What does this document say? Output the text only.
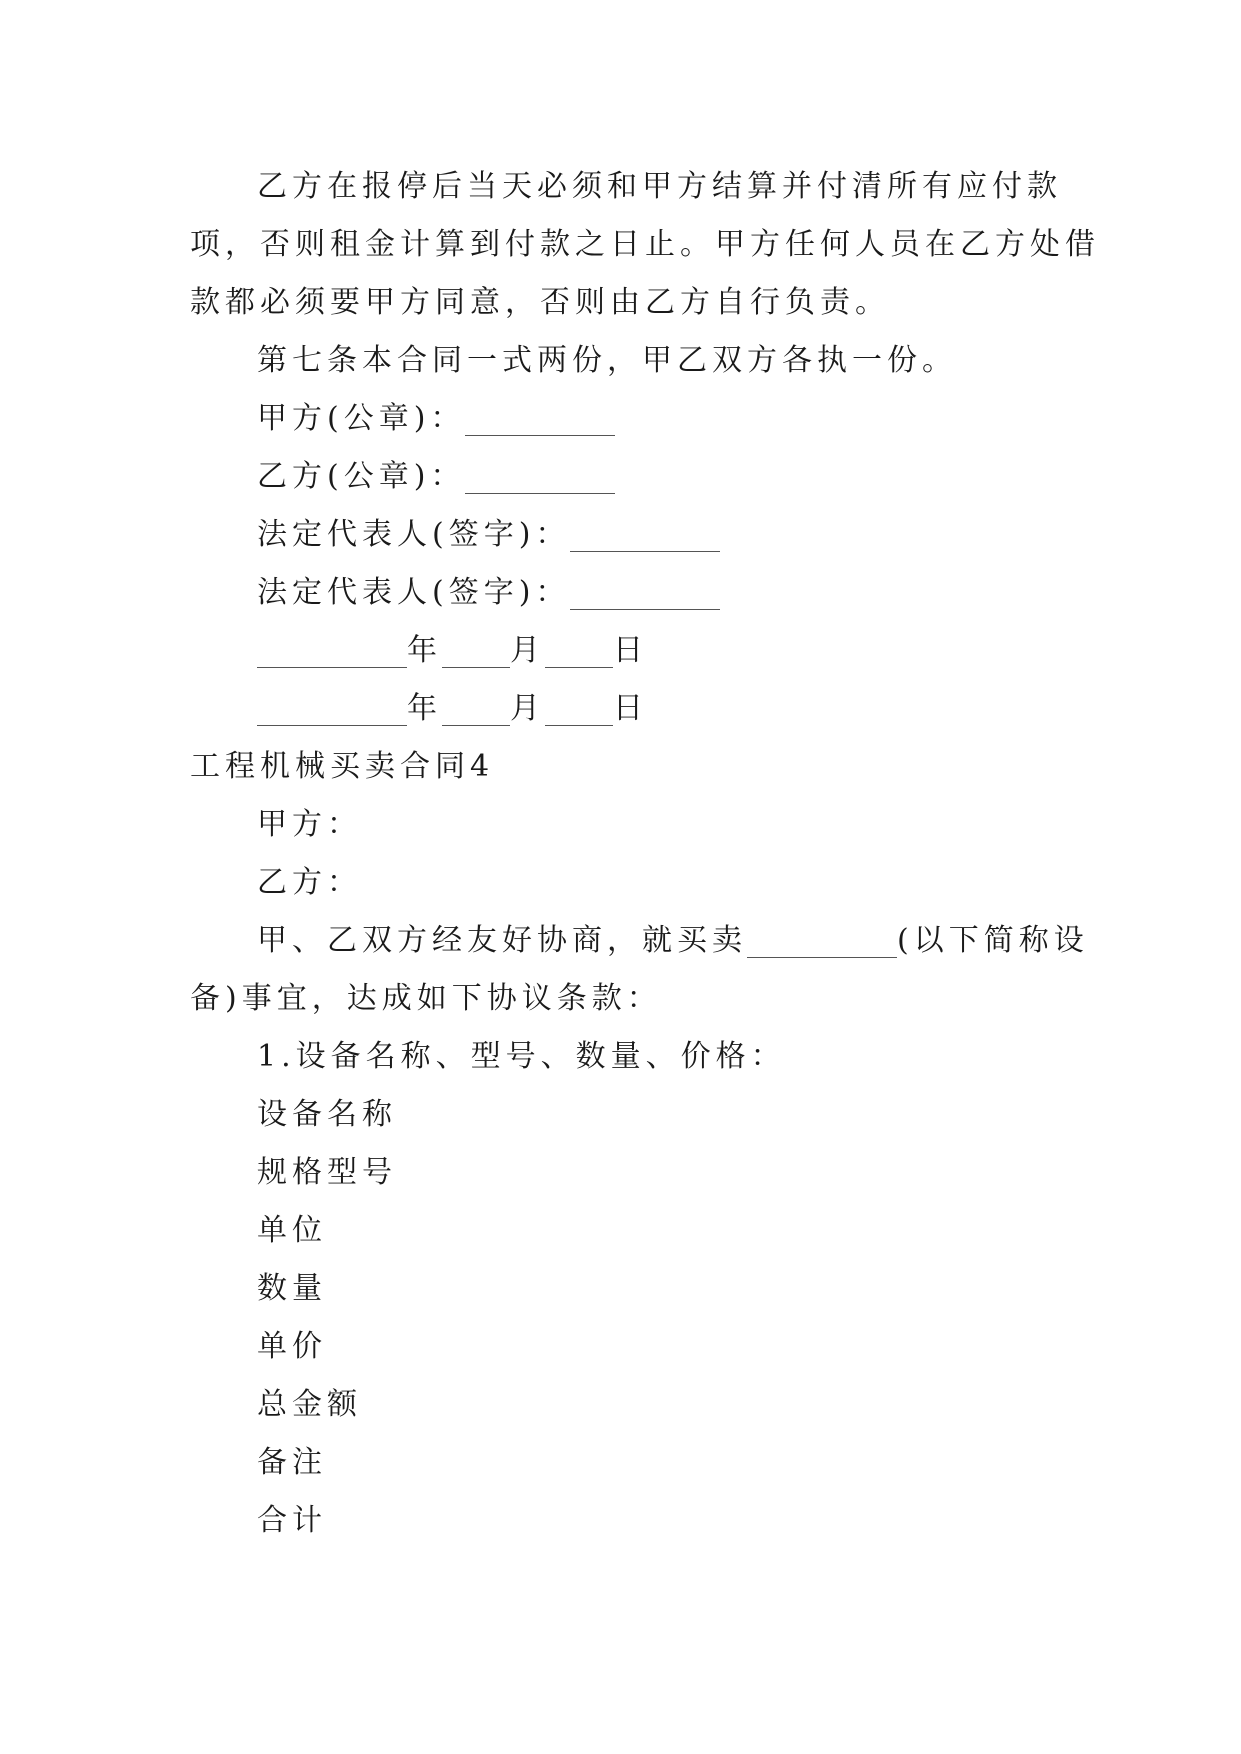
乙方在报停后当天必须和甲方结算并付清所有应付款
项，否则租金计算到付款之日止。甲方任何人员在乙方处借
款都必须要甲方同意，否则由乙方自行负责。
第七条本合同一式两份，甲乙双方各执一份。
甲方(公章)：
乙方(公章)：
法定代表人(签字)：
法定代表人(签字)：
年 月 日
年 月 日
工程机械买卖合同4
甲方：
乙方：
甲、乙双方经友好协商，就买卖	(以下简称设
备)事宜，达成如下协议条款：
1.设备名称、型号、数量、价格：
设备名称
规格型号
单位
数量
单价
总金额
备注
合计
